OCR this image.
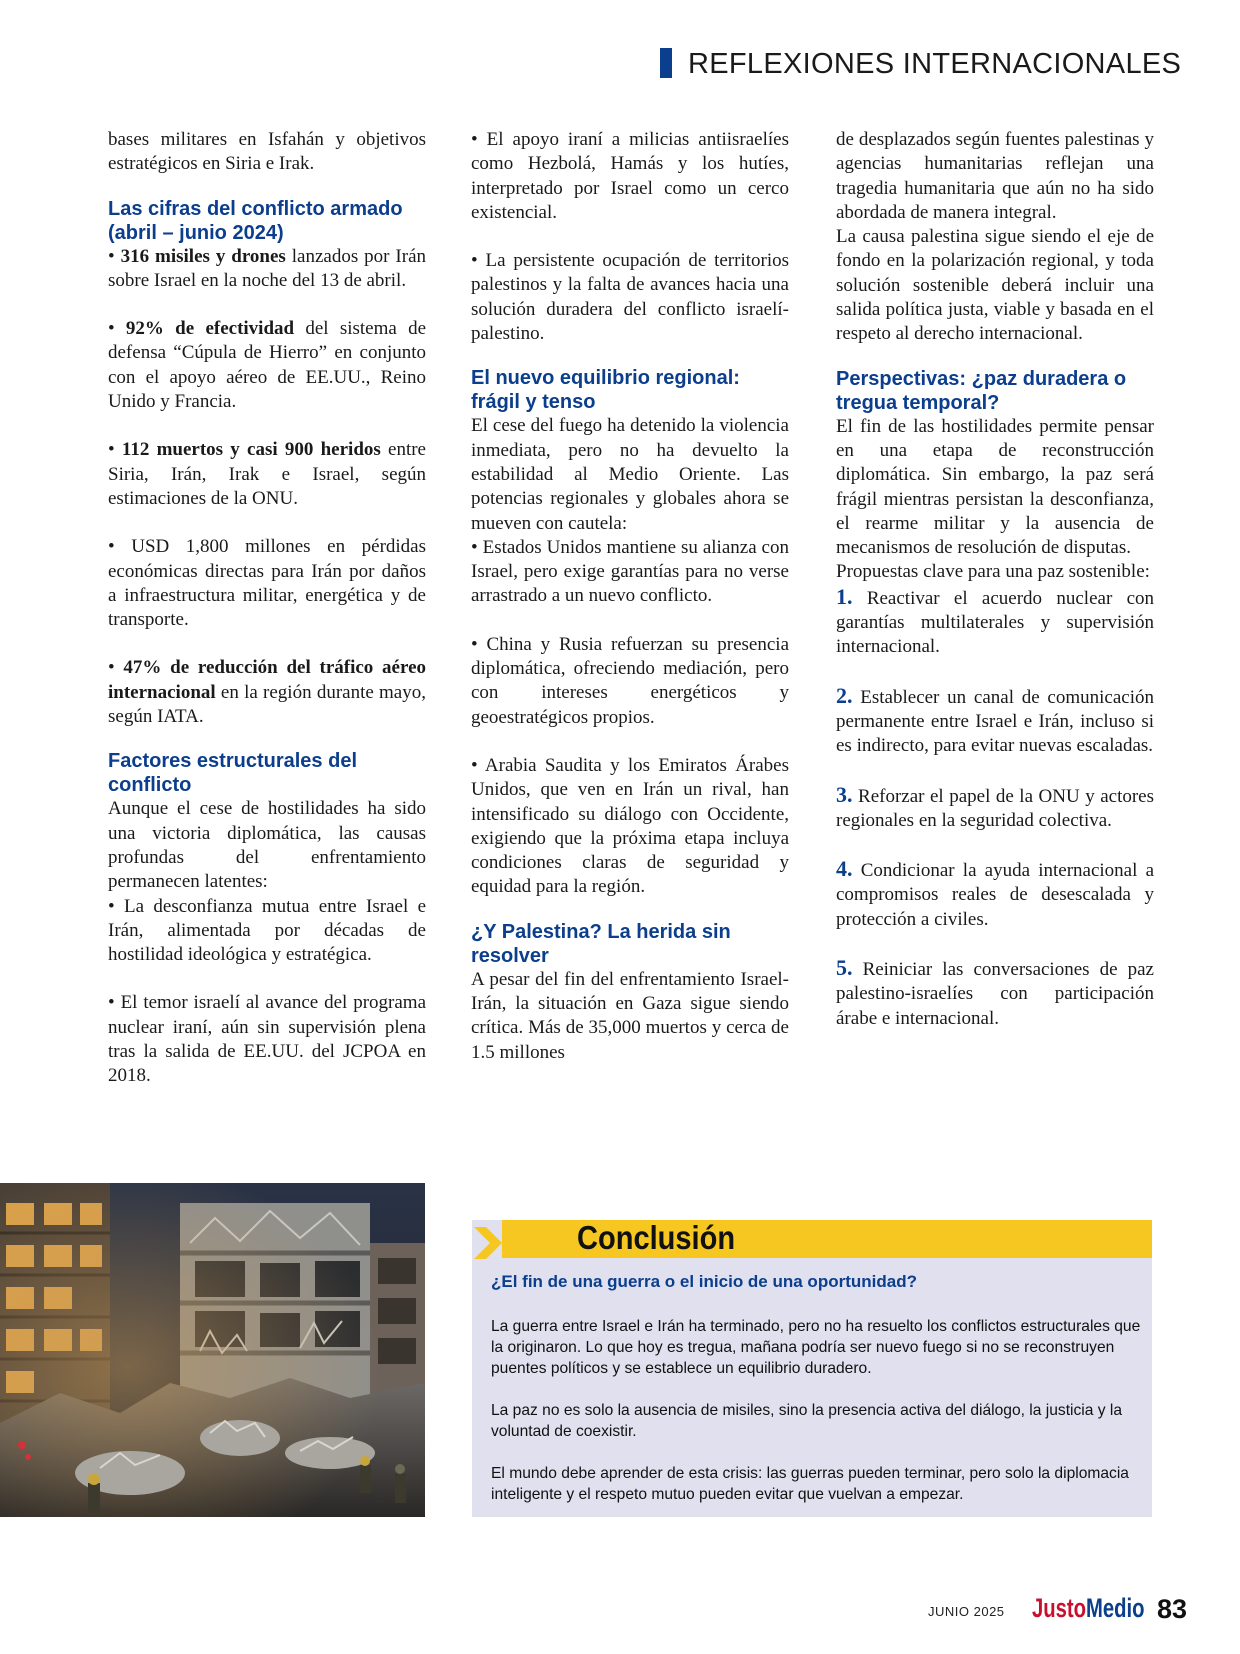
REFLEXIONES INTERNACIONALES

bases militares en Isfahán y objetivos estratégicos en Siria e Irak.

Las cifras del conflicto armado (abril – junio 2024)

• 316 misiles y drones lanzados por Irán sobre Israel en la noche del 13 de abril.

• 92% de efectividad del sistema de defensa “Cúpula de Hierro” en conjunto con el apoyo aéreo de EE.UU., Reino Unido y Francia.

• 112 muertos y casi 900 heridos entre Siria, Irán, Irak e Israel, según estimaciones de la ONU.

• USD 1,800 millones en pérdidas económicas directas para Irán por daños a infraestructura militar, energética y de transporte.

• 47% de reducción del tráfico aéreo internacional en la región durante mayo, según IATA.

Factores estructurales del conflicto

Aunque el cese de hostilidades ha sido una victoria diplomática, las causas profundas del enfrentamiento permanecen latentes:

• La desconfianza mutua entre Israel e Irán, alimentada por décadas de hostilidad ideológica y estratégica.

• El temor israelí al avance del programa nuclear iraní, aún sin supervisión plena tras la salida de EE.UU. del JCPOA en 2018.

• El apoyo iraní a milicias antiisraelíes como Hezbolá, Hamás y los hutíes, interpretado por Israel como un cerco existencial.

• La persistente ocupación de territorios palestinos y la falta de avances hacia una solución duradera del conflicto israelí-palestino.

El nuevo equilibrio regional: frágil y tenso

El cese del fuego ha detenido la violencia inmediata, pero no ha devuelto la estabilidad al Medio Oriente. Las potencias regionales y globales ahora se mueven con cautela:

• Estados Unidos mantiene su alianza con Israel, pero exige garantías para no verse arrastrado a un nuevo conflicto.

• China y Rusia refuerzan su presencia diplomática, ofreciendo mediación, pero con intereses energéticos y geoestratégicos propios.

• Arabia Saudita y los Emiratos Árabes Unidos, que ven en Irán un rival, han intensificado su diálogo con Occidente, exigiendo que la próxima etapa incluya condiciones claras de seguridad y equidad para la región.

¿Y Palestina? La herida sin resolver

A pesar del fin del enfrentamiento Israel-Irán, la situación en Gaza sigue siendo crítica. Más de 35,000 muertos y cerca de 1.5 millones

de desplazados según fuentes palestinas y agencias humanitarias reflejan una tragedia humanitaria que aún no ha sido abordada de manera integral.

La causa palestina sigue siendo el eje de fondo en la polarización regional, y toda solución sostenible deberá incluir una salida política justa, viable y basada en el respeto al derecho internacional.

Perspectivas: ¿paz duradera o tregua temporal?

El fin de las hostilidades permite pensar en una etapa de reconstrucción diplomática. Sin embargo, la paz será frágil mientras persistan la desconfianza, el rearme militar y la ausencia de mecanismos de resolución de disputas.

Propuestas clave para una paz sostenible:

1. Reactivar el acuerdo nuclear con garantías multilaterales y supervisión internacional.

2. Establecer un canal de comunicación permanente entre Israel e Irán, incluso si es indirecto, para evitar nuevas escaladas.

3. Reforzar el papel de la ONU y actores regionales en la seguridad colectiva.

4. Condicionar la ayuda internacional a compromisos reales de desescalada y protección a civiles.

5. Reiniciar las conversaciones de paz palestino-israelíes con participación árabe e internacional.

Conclusión
¿El fin de una guerra o el inicio de una oportunidad?

La guerra entre Israel e Irán ha terminado, pero no ha resuelto los conflictos estructurales que la originaron. Lo que hoy es tregua, mañana podría ser nuevo fuego si no se reconstruyen puentes políticos y se establece un equilibrio duradero.

La paz no es solo la ausencia de misiles, sino la presencia activa del diálogo, la justicia y la voluntad de coexistir.

El mundo debe aprender de esta crisis: las guerras pueden terminar, pero solo la diplomacia inteligente y el respeto mutuo pueden evitar que vuelvan a empezar.

JUNIO 2025 JustoMedio 83
